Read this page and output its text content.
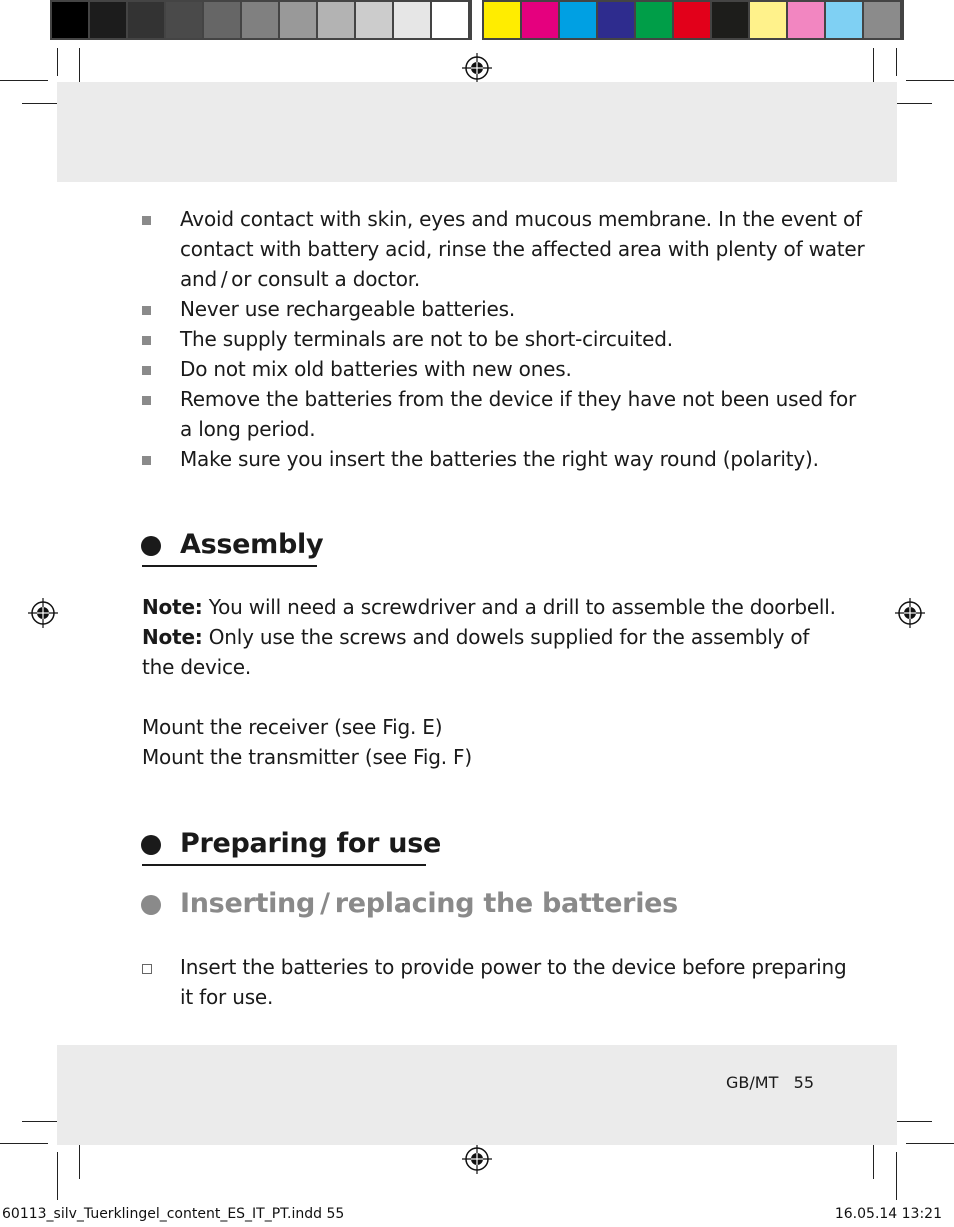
Avoid contact with skin, eyes and mucous membrane. In the event of
contact with battery acid, rinse the affected area with plenty of water
and / or consult a doctor.
Never use rechargeable batteries.
The supply terminals are not to be short-circuited.
Do not mix old batteries with new ones.
Remove the batteries from the device if they have not been used for
a long period.
Make sure you insert the batteries the right way round (polarity).
Assembly
Note: You will need a screwdriver and a drill to assemble the doorbell.
Note: Only use the screws and dowels supplied for the assembly of
the device.
Mount the receiver (see Fig. E)
Mount the transmitter (see Fig. F)
Preparing for use
Inserting / replacing the batteries
Insert the batteries to provide power to the device before preparing
it for use.
GB/MT 55
60113_silv_Tuerklingel_content_ES_IT_PT.indd 55	16.05.14 13:21
